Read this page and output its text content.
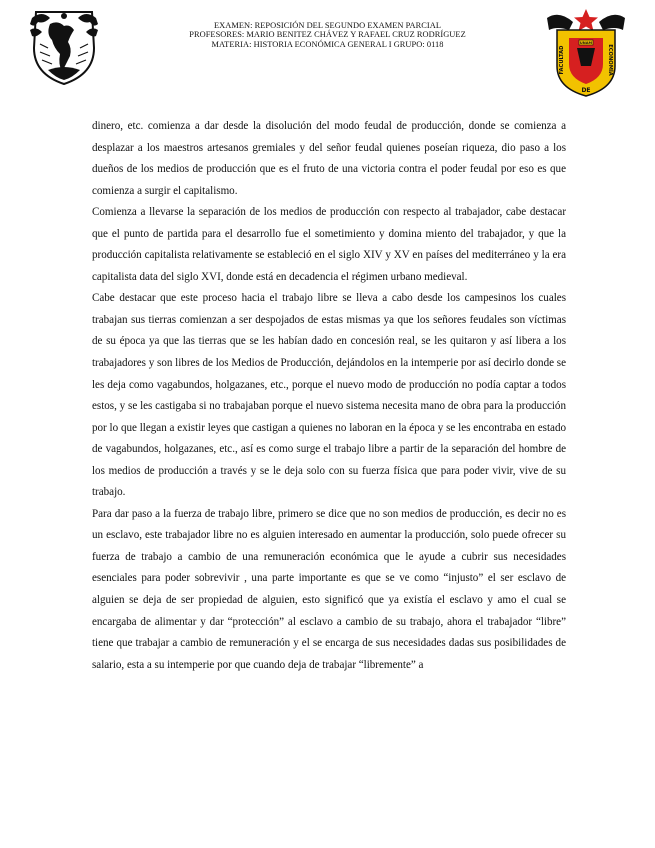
EXAMEN: REPOSICIÓN DEL SEGUNDO EXAMEN PARCIAL
PROFESORES: MARIO BENITEZ CHÁVEZ Y RAFAEL CRUZ RODRÍGUEZ
MATERIA: HISTORIA ECONÓMICA GENERAL I GRUPO: 0118	UNAM
FACULTAD	ECONOMÍA
DE

dinero, etc. comienza a dar desde la disolución del modo feudal de producción, donde se comienza a desplazar a los maestros artesanos gremiales y del señor feudal quienes poseían riqueza, dio paso a los dueños de los medios de producción que es el fruto de una victoria contra el poder feudal por eso es que comienza a surgir el capitalismo.

Comienza a llevarse la separación de los medios de producción con respecto al trabajador, cabe destacar que el punto de partida para el desarrollo fue el sometimiento y domina miento del trabajador, y que la producción capitalista relativamente se estableció en el siglo XIV y XV en países del mediterráneo y la era capitalista data del siglo XVI, donde está en decadencia el régimen urbano medieval.

Cabe destacar que este proceso hacia el trabajo libre se lleva a cabo desde los campesinos los cuales trabajan sus tierras comienzan a ser despojados de estas mismas ya que los señores feudales son víctimas de su época ya que las tierras que se les habían dado en concesión real, se les quitaron y así libera a los trabajadores y son libres de los Medios de Producción, dejándolos en la intemperie por así decirlo donde se les deja como vagabundos, holgazanes, etc., porque el nuevo modo de producción no podía captar a todos estos, y se les castigaba si no trabajaban porque el nuevo sistema necesita mano de obra para la producción por lo que llegan a existir leyes que castigan a quienes no laboran en la época y se les encontraba en estado de vagabundos, holgazanes, etc., así es como surge el trabajo libre a partir de la separación del hombre de los medios de producción a través y se le deja solo con su fuerza física que para poder vivir, vive de su trabajo.

Para dar paso a la fuerza de trabajo libre, primero se dice que no son medios de producción, es decir no es un esclavo, este trabajador libre no es alguien interesado en aumentar la producción, solo puede ofrecer su fuerza de trabajo a cambio de una remuneración económica que le ayude a cubrir sus necesidades esenciales para poder sobrevivir , una parte importante es que se ve como “injusto” el ser esclavo de alguien se deja de ser propiedad de alguien, esto significó que ya existía el esclavo y amo el cual se encargaba de alimentar y dar “protección” al esclavo a cambio de su trabajo, ahora el trabajador “libre” tiene que trabajar a cambio de remuneración y el se encarga de sus necesidades dadas sus posibilidades de salario, esta a su intemperie por que cuando deja de trabajar “libremente” a
